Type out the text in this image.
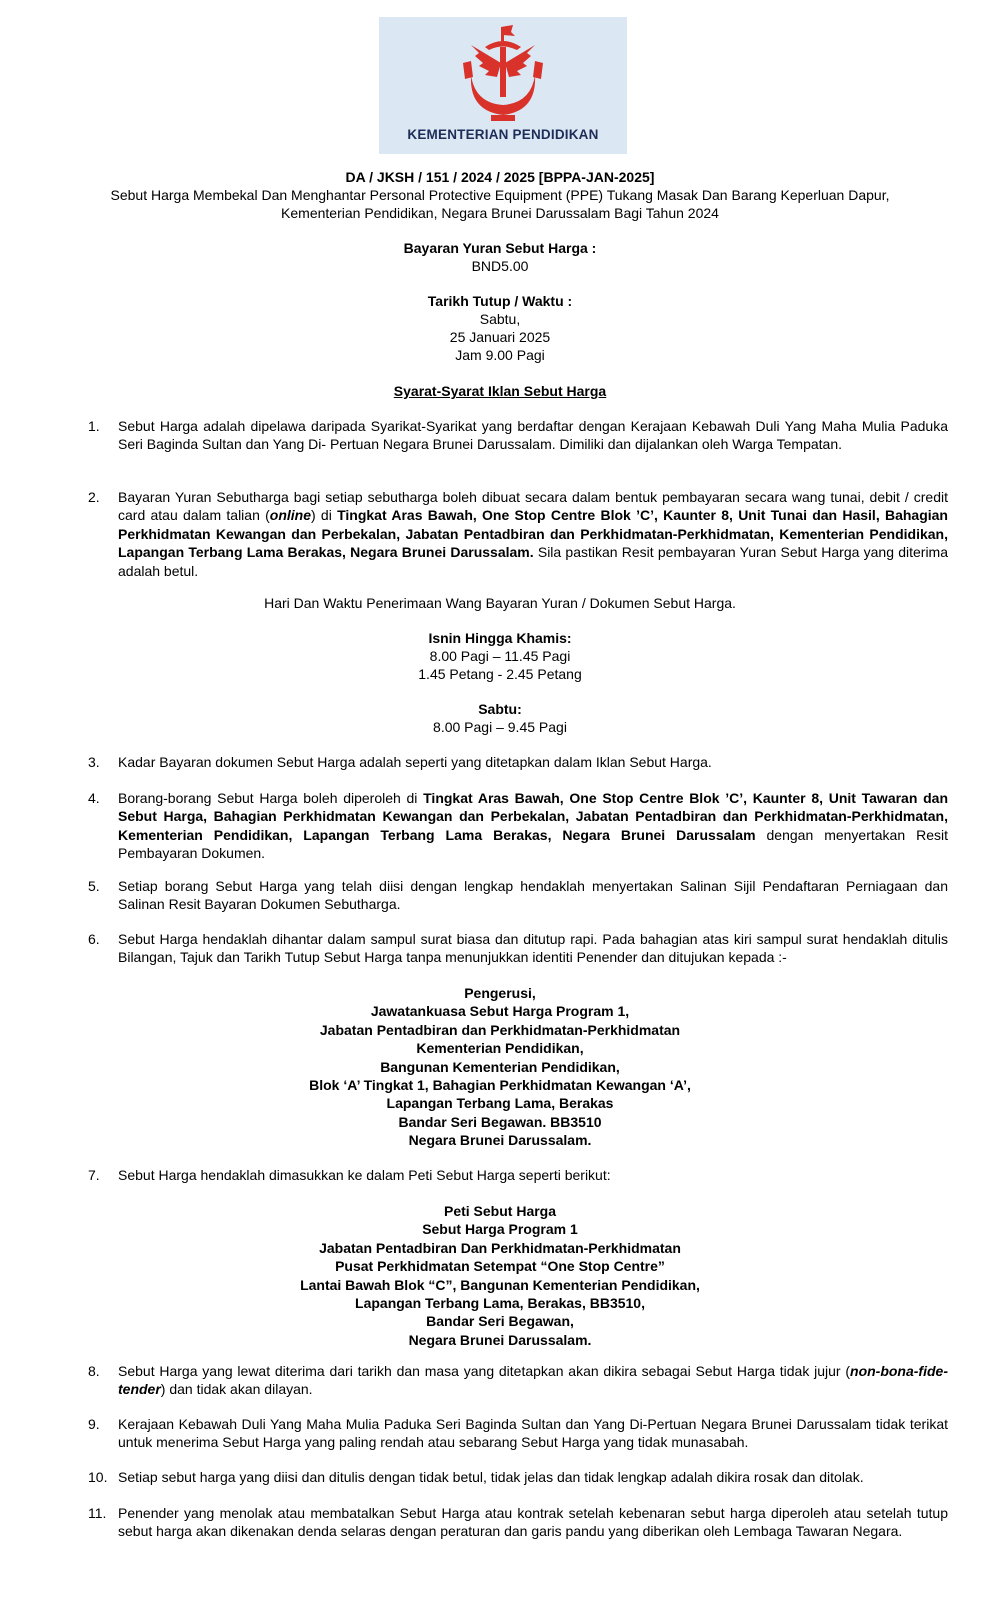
KEMENTERIAN PENDIDIKAN
DA / JKSH / 151 / 2024 / 2025 [BPPA-JAN-2025]
Sebut Harga Membekal Dan Menghantar Personal Protective Equipment (PPE) Tukang Masak Dan Barang Keperluan Dapur,
Kementerian Pendidikan, Negara Brunei Darussalam Bagi Tahun 2024
Bayaran Yuran Sebut Harga :
BND5.00
Tarikh Tutup / Waktu :
Sabtu,
25 Januari 2025
Jam 9.00 Pagi
Syarat-Syarat Iklan Sebut Harga
1.	Sebut Harga adalah dipelawa daripada Syarikat-Syarikat yang berdaftar dengan Kerajaan Kebawah Duli Yang Maha Mulia Paduka Seri Baginda Sultan dan Yang Di- Pertuan Negara Brunei Darussalam. Dimiliki dan dijalankan oleh Warga Tempatan.
2.	Bayaran Yuran Sebutharga bagi setiap sebutharga boleh dibuat secara dalam bentuk pembayaran secara wang tunai, debit / credit card atau dalam talian (online) di Tingkat Aras Bawah, One Stop Centre Blok ’C’, Kaunter 8, Unit Tunai dan Hasil, Bahagian Perkhidmatan Kewangan dan Perbekalan, Jabatan Pentadbiran dan Perkhidmatan-Perkhidmatan, Kementerian Pendidikan, Lapangan Terbang Lama Berakas, Negara Brunei Darussalam. Sila pastikan Resit pembayaran Yuran Sebut Harga yang diterima adalah betul.
Hari Dan Waktu Penerimaan Wang Bayaran Yuran / Dokumen Sebut Harga.
Isnin Hingga Khamis:
8.00 Pagi – 11.45 Pagi
1.45 Petang - 2.45 Petang
Sabtu:
8.00 Pagi – 9.45 Pagi
3.	Kadar Bayaran dokumen Sebut Harga adalah seperti yang ditetapkan dalam Iklan Sebut Harga.
4.	Borang-borang Sebut Harga boleh diperoleh di Tingkat Aras Bawah, One Stop Centre Blok ’C’, Kaunter 8, Unit Tawaran dan Sebut Harga, Bahagian Perkhidmatan Kewangan dan Perbekalan, Jabatan Pentadbiran dan Perkhidmatan-Perkhidmatan, Kementerian Pendidikan, Lapangan Terbang Lama Berakas, Negara Brunei Darussalam dengan menyertakan Resit Pembayaran Dokumen.
5.	Setiap borang Sebut Harga yang telah diisi dengan lengkap hendaklah menyertakan Salinan Sijil Pendaftaran Perniagaan dan Salinan Resit Bayaran Dokumen Sebutharga.
6.	Sebut Harga hendaklah dihantar dalam sampul surat biasa dan ditutup rapi. Pada bahagian atas kiri sampul surat hendaklah ditulis Bilangan, Tajuk dan Tarikh Tutup Sebut Harga tanpa menunjukkan identiti Penender dan ditujukan kepada :-
Pengerusi,
Jawatankuasa Sebut Harga Program 1,
Jabatan Pentadbiran dan Perkhidmatan-Perkhidmatan
Kementerian Pendidikan,
Bangunan Kementerian Pendidikan,
Blok ‘A’ Tingkat 1, Bahagian Perkhidmatan Kewangan ‘A’,
Lapangan Terbang Lama, Berakas
Bandar Seri Begawan. BB3510
Negara Brunei Darussalam.
7.	Sebut Harga hendaklah dimasukkan ke dalam Peti Sebut Harga seperti berikut:
Peti Sebut Harga
Sebut Harga Program 1
Jabatan Pentadbiran Dan Perkhidmatan-Perkhidmatan
Pusat Perkhidmatan Setempat “One Stop Centre”
Lantai Bawah Blok “C”, Bangunan Kementerian Pendidikan,
Lapangan Terbang Lama, Berakas, BB3510,
Bandar Seri Begawan,
Negara Brunei Darussalam.
8.	Sebut Harga yang lewat diterima dari tarikh dan masa yang ditetapkan akan dikira sebagai Sebut Harga tidak jujur (non-bona-fide-tender) dan tidak akan dilayan.
9.	Kerajaan Kebawah Duli Yang Maha Mulia Paduka Seri Baginda Sultan dan Yang Di-Pertuan Negara Brunei Darussalam tidak terikat untuk menerima Sebut Harga yang paling rendah atau sebarang Sebut Harga yang tidak munasabah.
10. Setiap sebut harga yang diisi dan ditulis dengan tidak betul, tidak jelas dan tidak lengkap adalah dikira rosak dan ditolak.
11. Penender yang menolak atau membatalkan Sebut Harga atau kontrak setelah kebenaran sebut harga diperoleh atau setelah tutup sebut harga akan dikenakan denda selaras dengan peraturan dan garis pandu yang diberikan oleh Lembaga Tawaran Negara.
